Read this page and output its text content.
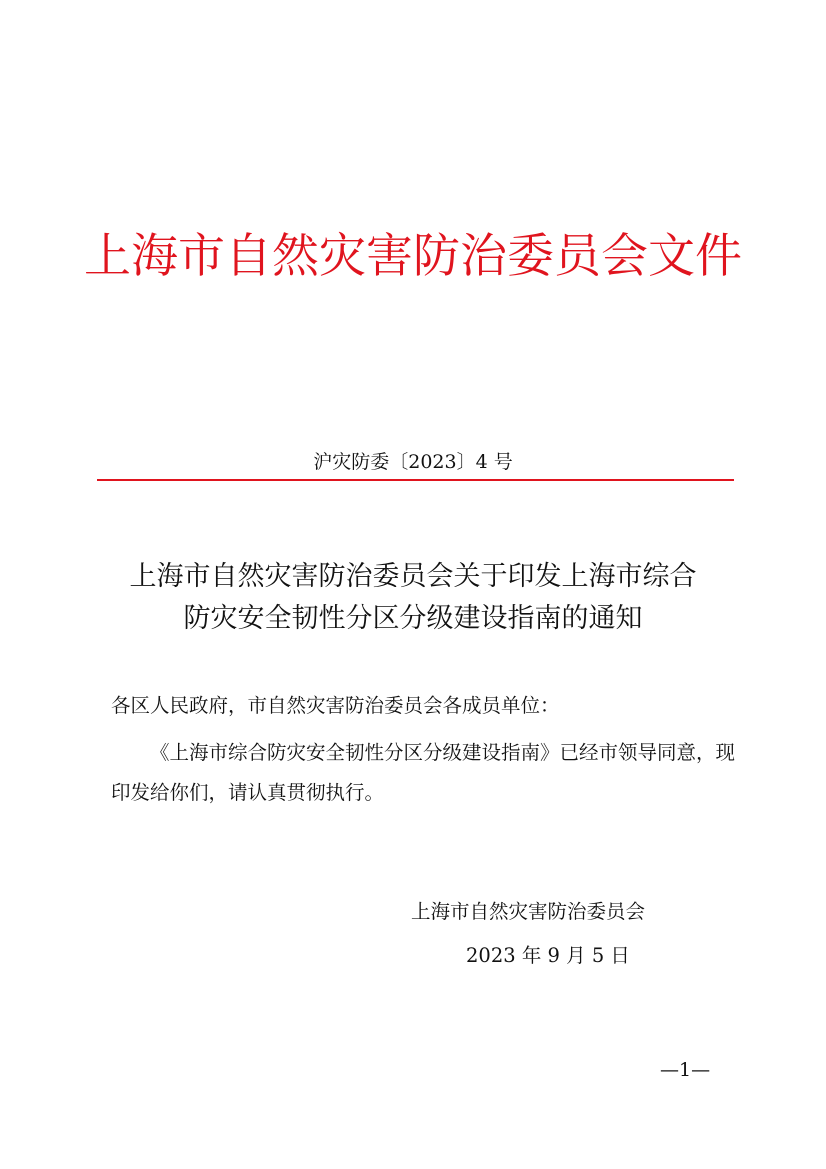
上海市自然灾害防治委员会文件
沪灾防委〔2023〕4 号
上海市自然灾害防治委员会关于印发上海市综合
防灾安全韧性分区分级建设指南的通知
各区人民政府，市自然灾害防治委员会各成员单位：
《上海市综合防灾安全韧性分区分级建设指南》已经市领导同意，现印发给你们，请认真贯彻执行。
上海市自然灾害防治委员会
2023 年 9 月 5 日
—1—
